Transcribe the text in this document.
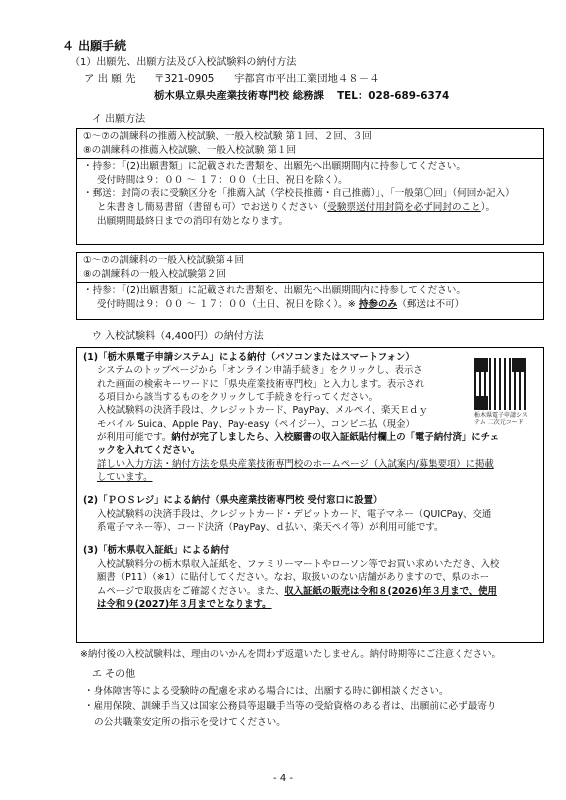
４ 出願手続
（1）出願先、出願方法及び入校試験料の納付方法
ア 出 願 先 〒321-0905 宇都宮市平出工業団地４８－４
栃木県立県央産業技術専門校 総務課 TEL：028-689-6374
イ 出願方法

①～⑦の訓練科の推薦入校試験、一般入校試験 第１回、２回、３回

⑧の訓練科の推薦入校試験、一般入校試験 第１回

・持参：「(2)出願書類」に記載された書類を、出願先へ出願期間内に持参してください。

受付時間は９：００ ～ １７：００（土日、祝日を除く）。

・郵送：封筒の表に受験区分を「推薦入試（学校長推薦・自己推薦）」、「一般第〇回」（何回か記入）

と朱書きし簡易書留（書留も可）でお送りください（受験票送付用封筒を必ず同封のこと）。

出願期間最終日までの消印有効となります。

①～⑦の訓練科の一般入校試験第４回

⑧の訓練科の一般入校試験第２回

・持参：「(2)出願書類」に記載された書類を、出願先へ出願期間内に持参してください。

受付時間は９：００ ～ １７：００（土日、祝日を除く）。※ 持参のみ（郵送は不可）

ウ 入校試験料（4,400円）の納付方法

(1)「栃木県電子申請システム」による納付（パソコンまたはスマートフォン）

システムのトップページから「オンライン申請手続き」をクリックし、表示さ

れた画面の検索キーワードに「県央産業技術専門校」と入力します。表示され

る項目から該当するものをクリックして手続きを行ってください。

入校試験料の決済手段は、クレジットカード、PayPay、メルペイ、楽天Ｅｄｙ

モバイル Suica、Apple Pay、Pay-easy（ペイジー）、コンビニ払（現金）

が利用可能です。納付が完了しましたら、入校願書の収入証紙貼付欄上の「電子納付済」にチェ

ックを入れてください。

詳しい入力方法・納付方法を県央産業技術専門校のホームページ（入試案内/募集要項）に掲載

しています。

(2)「ＰＯＳレジ」による納付（県央産業技術専門校 受付窓口に設置）

入校試験料の決済手段は、クレジットカード・デビットカード、電子マネー（QUICPay、交通

系電子マネー等）、コード決済（PayPay、ｄ払い、楽天ペイ等）が利用可能です。

(3)「栃木県収入証紙」による納付

入校試験料分の栃木県収入証紙を、ファミリーマートやローソン等でお買い求めいただき、入校

願書（P11）（※1）に貼付してください。なお、取扱いのない店舗がありますので、県のホー

ムページで取扱店をご確認ください。また、収入証紙の販売は令和８(2026)年３月まで、使用

は令和９(2027)年３月までとなります。

栃木県電子申請システム 二次元コード
※納付後の入校試験料は、理由のいかんを問わず返還いたしません。納付時期等にご注意ください。
エ その他

・身体障害等による受験時の配慮を求める場合には、出願する時に御相談ください。

・雇用保険、訓練手当又は国家公務員等退職手当等の受給資格のある者は、出願前に必ず最寄り

の公共職業安定所の指示を受けてください。

- 4 -
